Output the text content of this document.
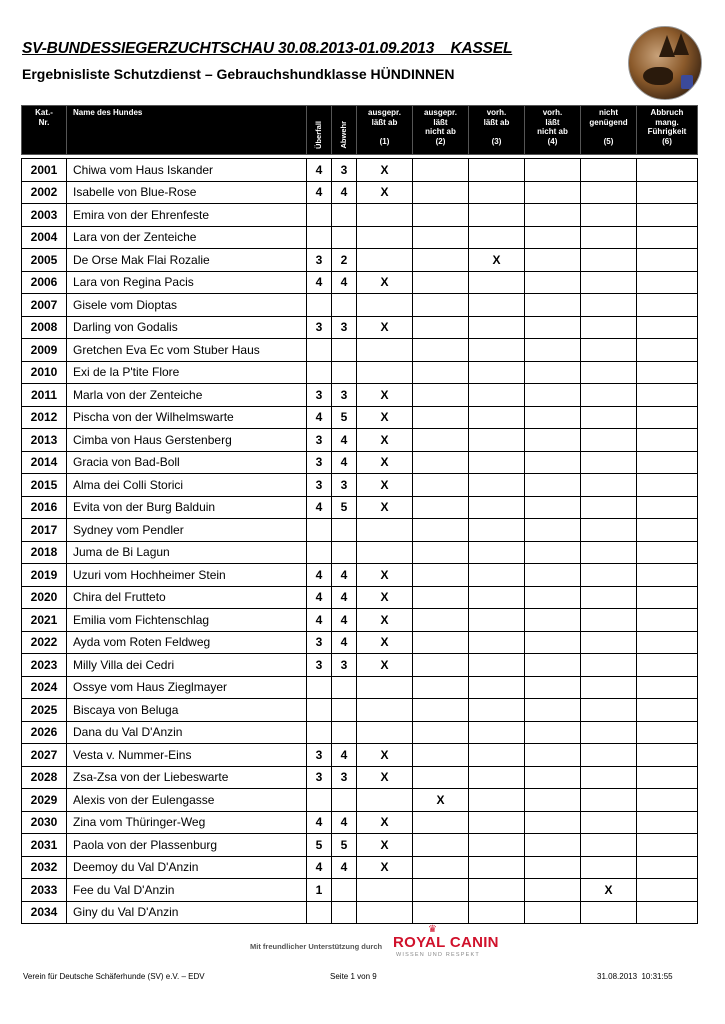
SV-BUNDESSIEGERZUCHTSCHAU 30.08.2013-01.09.2013    KASSEL
Ergebnisliste Schutzdienst – Gebrauchshundklasse HÜNDINNEN
Kat.-
Nr.	Name des Hundes	Überfall	Abwehr	ausgepr.
läßt ab

(1)	ausgepr.
läßt
nicht ab
(2)	vorh.
läßt ab

(3)	vorh.
läßt
nicht ab
(4)	nicht
genügend

(5)	Abbruch
mang.
Führigkeit
(6)	

2001	Chiwa vom Haus Iskander	4	3	X						
2002	Isabelle von Blue-Rose	4	4	X						
2003	Emira von der Ehrenfeste									
2004	Lara von der Zenteiche									
2005	De Orse Mak Flai Rozalie	3	2			X				
2006	Lara von Regina Pacis	4	4	X						
2007	Gisele vom Dioptas									
2008	Darling von Godalis	3	3	X						
2009	Gretchen Eva Ec vom Stuber Haus									
2010	Exi de la P'tite Flore									
2011	Marla von der Zenteiche	3	3	X						
2012	Pischa von der Wilhelmswarte	4	5	X						
2013	Cimba von Haus Gerstenberg	3	4	X						
2014	Gracia von Bad-Boll	3	4	X						
2015	Alma dei Colli Storici	3	3	X						
2016	Evita von der Burg Balduin	4	5	X						
2017	Sydney vom Pendler									
2018	Juma de Bi Lagun									
2019	Uzuri vom Hochheimer Stein	4	4	X						
2020	Chira del Frutteto	4	4	X						
2021	Emilia vom Fichtenschlag	4	4	X						
2022	Ayda vom Roten Feldweg	3	4	X						
2023	Milly Villa dei Cedri	3	3	X						
2024	Ossye vom Haus Zieglmayer									
2025	Biscaya von Beluga									
2026	Dana du Val D'Anzin									
2027	Vesta v. Nummer-Eins	3	4	X						
2028	Zsa-Zsa von der Liebeswarte	3	3	X						
2029	Alexis von der Eulengasse				X					
2030	Zina vom Thüringer-Weg	4	4	X						
2031	Paola von der Plassenburg	5	5	X						
2032	Deemoy du Val D'Anzin	4	4	X						
2033	Fee du Val D'Anzin	1						X		
2034	Giny du Val D'Anzin									
Mit freundlicher Unterstützung durch
♛
ROYAL CANIN
WISSEN UND RESPEKT
Verein für Deutsche Schäferhunde (SV) e.V. – EDV	Seite 1 von 9	31.08.2013  10:31:55
